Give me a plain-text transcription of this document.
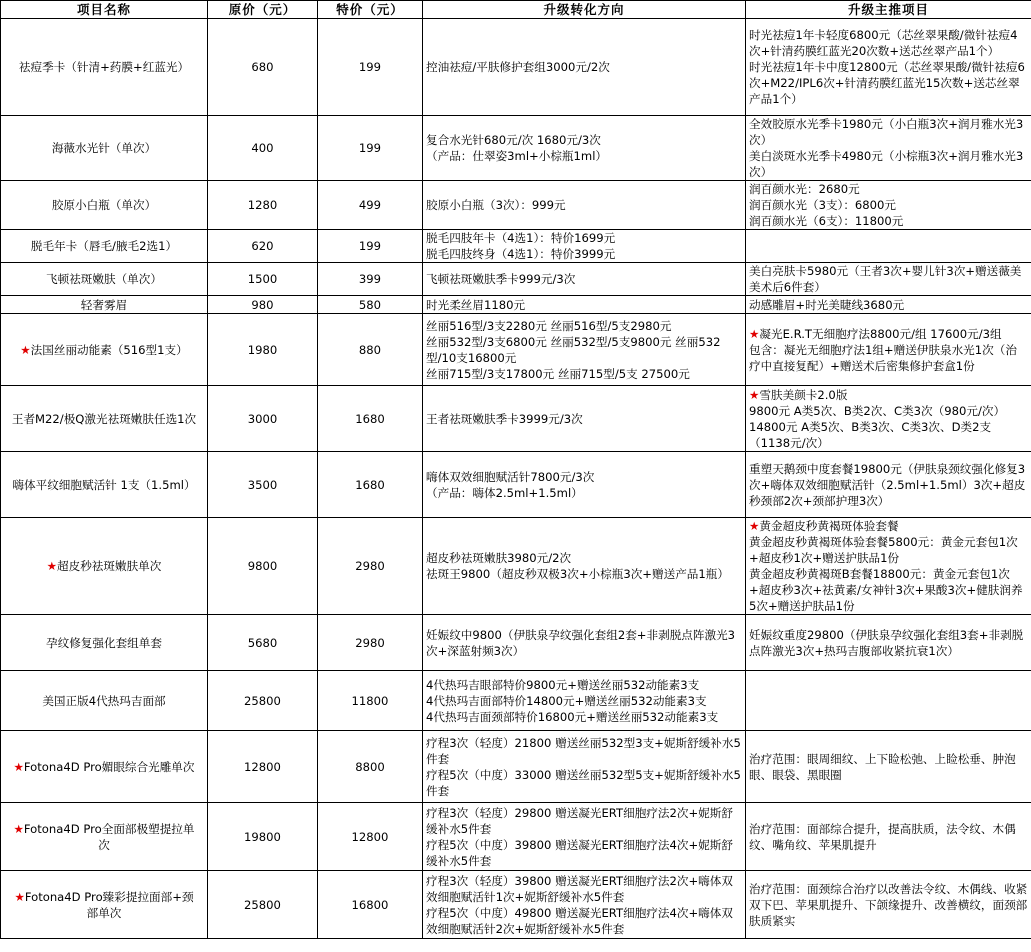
项目名称	原价（元）	特价（元）	升级转化方向	升级主推项目
祛痘季卡（针清+药膜+红蓝光）	680	199	控油祛痘/平肤修护套组3000元/2次	时光祛痘1年卡轻度6800元（芯丝翠果酸/微针祛痘4次+针清药膜红蓝光20次数+送芯丝翠产品1个）
时光祛痘1年卡中度12800元（芯丝翠果酸/微针祛痘6次+M22/IPL6次+针清药膜红蓝光15次数+送芯丝翠产品1个）

海薇水光针（单次）	400	199	复合水光针680元/次 1680元/3次
（产品：仕翠姿3ml+小棕瓶1ml）	全效胶原水光季卡1980元（小白瓶3次+润月雅水光3次）
美白淡斑水光季卡4980元（小棕瓶3次+润月雅水光3次）

胶原小白瓶（单次）	1280	499	胶原小白瓶（3次）：999元	润百颜水光：2680元
润百颜水光（3支）：6800元
润百颜水光（6支）：11800元

脱毛年卡（唇毛/腋毛2选1）	620	199	脱毛四肢年卡（4选1）：特价1699元
脱毛四肢终身（4选1）：特价3999元	

飞顿祛斑嫩肤（单次）	1500	399	飞顿祛斑嫩肤季卡999元/3次	美白亮肤卡5980元（王者3次+婴儿针3次+赠送薇美美术后6件套）

轻奢雾眉	980	580	时光柔丝眉1180元	动感雕眉+时光美睫线3680元

★法国丝丽动能素（516型1支）	1980	880	丝丽516型/3支2280元 丝丽516型/5支2980元
丝丽532型/3支6800元 丝丽532型/5支9800元 丝丽532型/10支16800元
丝丽715型/3支17800元 丝丽715型/5支 27500元	★凝光E.R.T无细胞疗法8800元/组 17600元/3组
包含：凝光无细胞疗法1组+赠送伊肤泉水光1次（治疗中直接复配）+赠送术后密集修护套盒1份

王者M22/极Q激光祛斑嫩肤任选1次	3000	1680	王者祛斑嫩肤季卡3999元/3次	★雪肤美颜卡2.0版
9800元 A类5次、B类2次、C类3次（980元/次）
14800元 A类5次、B类3次、C类3次、D类2支（1138元/次）

嗨体平纹细胞赋活针 1支（1.5ml）	3500	1680	嗨体双效细胞赋活针7800元/3次
（产品：嗨体2.5ml+1.5ml）	重塑天鹅颈中度套餐19800元（伊肤泉颈纹强化修复3次+嗨体双效细胞赋活针（2.5ml+1.5ml）3次+超皮秒颈部2次+颈部护理3次）

★超皮秒祛斑嫩肤单次	9800	2980	超皮秒祛斑嫩肤3980元/2次
祛斑王9800（超皮秒双极3次+小棕瓶3次+赠送产品1瓶）	★黄金超皮秒黄褐斑体验套餐
黄金超皮秒黄褐斑体验套餐5800元：黄金元套包1次+超皮秒1次+赠送护肤品1份
黄金超皮秒黄褐斑B套餐18800元：黄金元套包1次+超皮秒3次+祛黄素/女神针3次+果酸3次+健肤润养5次+赠送护肤品1份

孕纹修复强化套组单套	5680	2980	妊娠纹中9800（伊肤泉孕纹强化套组2套+非剥脱点阵激光3次+深蓝射频3次）	妊娠纹重度29800（伊肤泉孕纹强化套组3套+非剥脱点阵激光3次+热玛吉腹部收紧抗衰1次）

美国正版4代热玛吉面部	25800	11800	4代热玛吉眼部特价9800元+赠送丝丽532动能素3支
4代热玛吉面部特价14800元+赠送丝丽532动能素3支
4代热玛吉面颈部特价16800元+赠送丝丽532动能素3支	

★Fotona4D Pro媚眼综合光雕单次	12800	8800	疗程3次（轻度）21800 赠送丝丽532型3支+妮斯舒缓补水5件套
疗程5次（中度）33000 赠送丝丽532型5支+妮斯舒缓补水5件套	治疗范围：眼周细纹、上下睑松弛、上睑松垂、肿泡眼、眼袋、黑眼圈

★Fotona4D Pro全面部极塑提拉单次	19800	12800	疗程3次（轻度）29800 赠送凝光ERT细胞疗法2次+妮斯舒缓补水5件套
疗程5次（中度）39800 赠送凝光ERT细胞疗法4次+妮斯舒缓补水5件套	治疗范围：面部综合提升，提高肤质，法令纹、木偶纹、嘴角纹、苹果肌提升

★Fotona4D Pro臻彩提拉面部+颈部单次	25800	16800	疗程3次（轻度）39800 赠送凝光ERT细胞疗法2次+嗨体双效细胞赋活针1次+妮斯舒缓补水5件套
疗程5次（中度）49800 赠送凝光ERT细胞疗法4次+嗨体双效细胞赋活针2次+妮斯舒缓补水5件套	治疗范围：面颈综合治疗以改善法令纹、木偶线、收紧双下巴、苹果肌提升、下颌缘提升、改善横纹，面颈部肤质紧实
